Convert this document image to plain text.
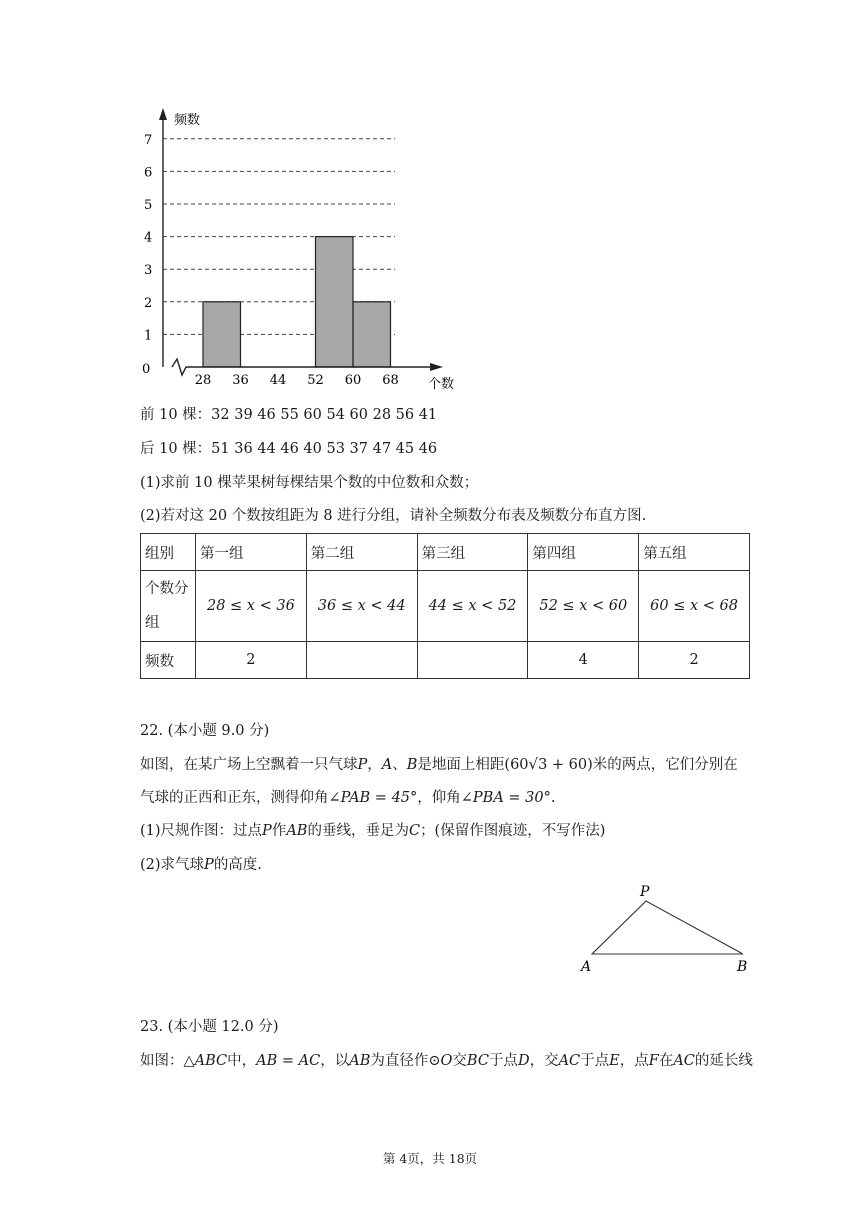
0
1
2
3
4
5
6
7
28 36 44 52 60 68
频数
个数
前 10 棵：32 39 46 55 60 54 60 28 56 41
后 10 棵：51 36 44 46 40 53 37 47 45 46
(1)求前 10 棵苹果树每棵结果个数的中位数和众数；
(2)若对这 20 个数按组距为 8 进行分组，请补全频数分布表及频数分布直方图.
组别	第一组	第二组	第三组	第四组	第五组
个数分组	28 ≤ x < 36	36 ≤ x < 44	44 ≤ x < 52	52 ≤ x < 60	60 ≤ x < 68
频数	2			4	2
22. (本小题 9.0 分)
如图，在某广场上空飘着一只气球P，A、B是地面上相距(60√3 + 60)米的两点，它们分别在
气球的正西和正东，测得仰角∠PAB = 45°，仰角∠PBA = 30°.
(1)尺规作图：过点P作AB的垂线，垂足为C；(保留作图痕迹，不写作法)
(2)求气球P的高度.
P
A	B
23. (本小题 12.0 分)
如图：△ABC中，AB = AC，以AB为直径作⊙O交BC于点D，交AC于点E，点F在AC的延长线
第 4页，共 18页
